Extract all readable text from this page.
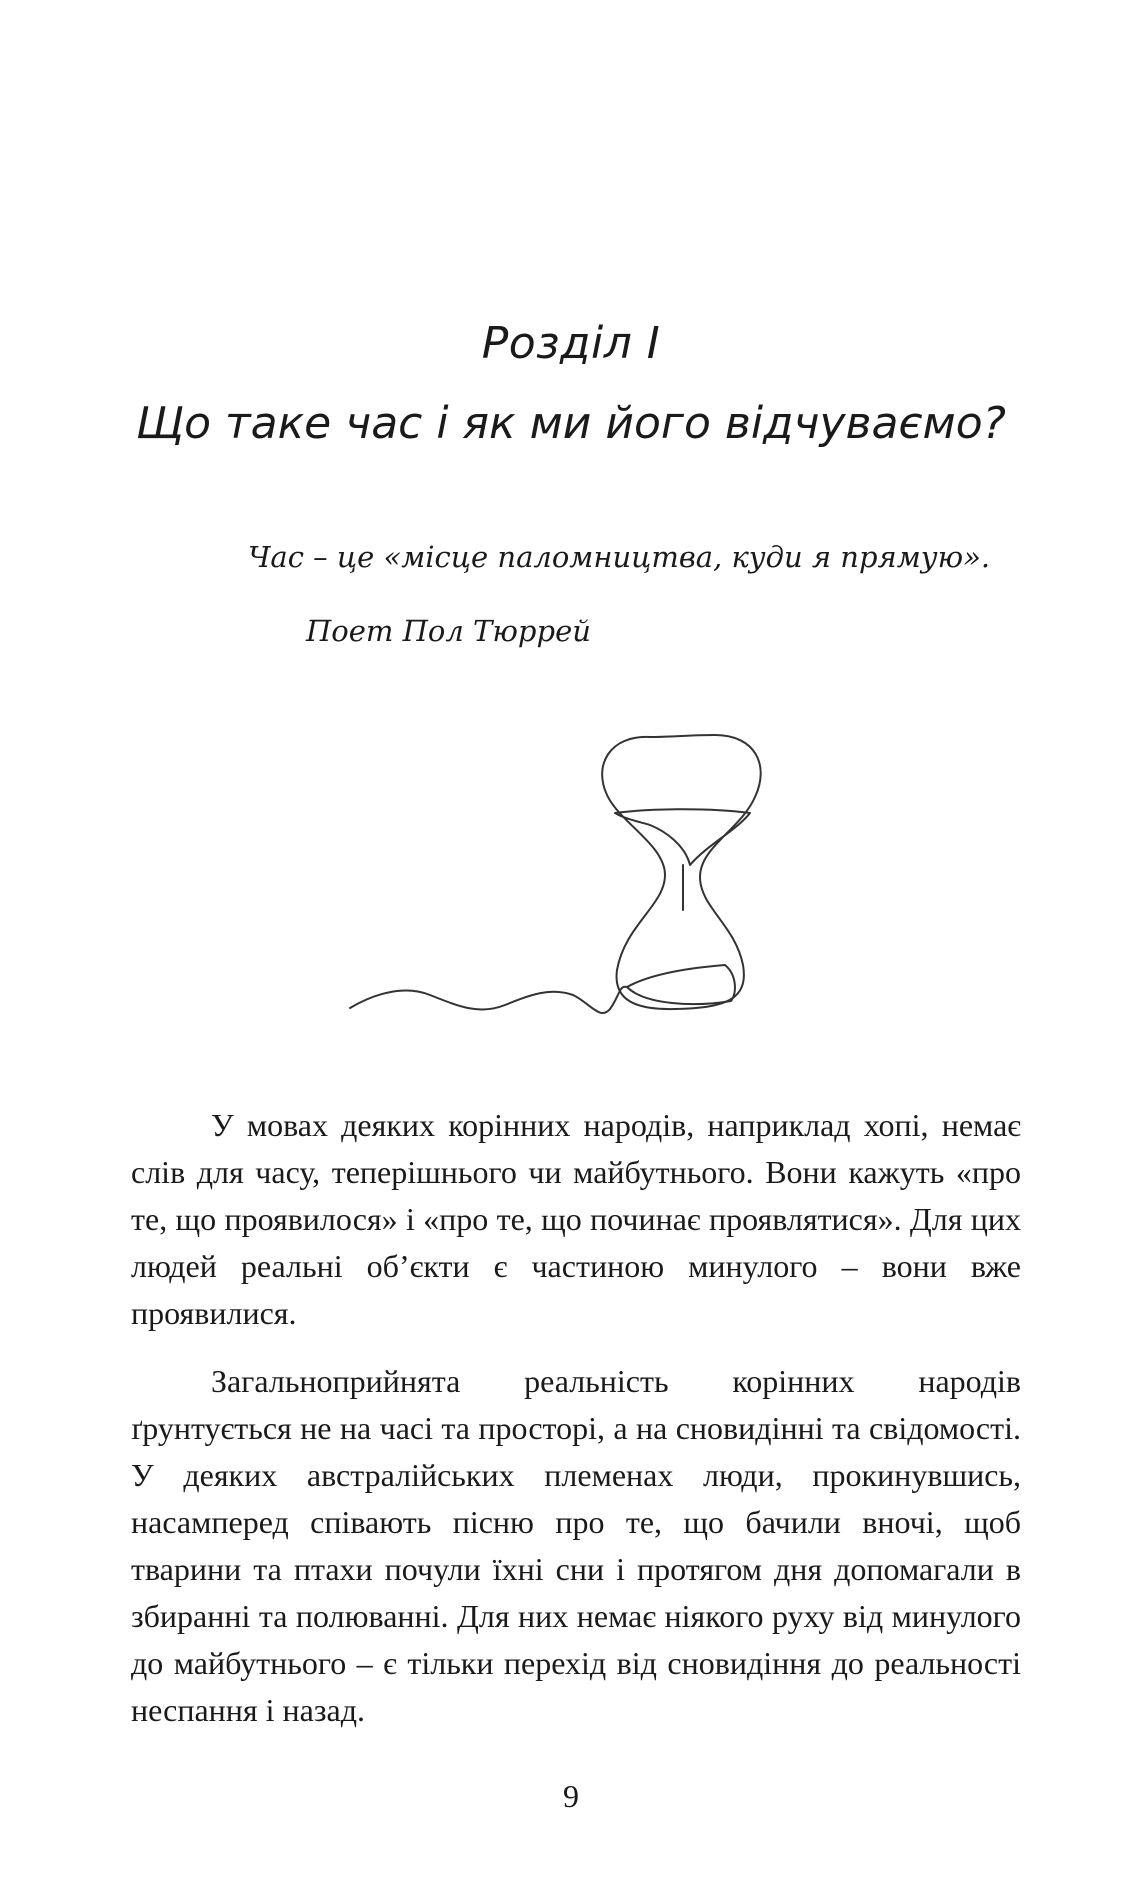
Розділ І
Що таке час і як ми його відчуваємо?
Час – це «місце паломництва, куди я прямую».
Поет Пол Тюррей

У мовах деяких корінних народів, наприклад хопі, немає слів для часу, теперішнього чи майбутнього. Вони кажуть «про те, що проявилося» і «про те, що починає проявлятися». Для цих людей реальні об’єкти є частиною минулого – вони вже проявилися.

Загальноприйнята реальність корінних народів ґрунтується не на часі та просторі, а на сновидінні та свідомості. У деяких австралійських племенах люди, прокинувшись, насамперед співають пісню про те, що бачили вночі, щоб тварини та птахи почули їхні сни і протягом дня допомагали в збиранні та полюванні. Для них немає ніякого руху від минулого до майбутнього – є тільки перехід від сновидіння до реальності неспання і назад.

9
